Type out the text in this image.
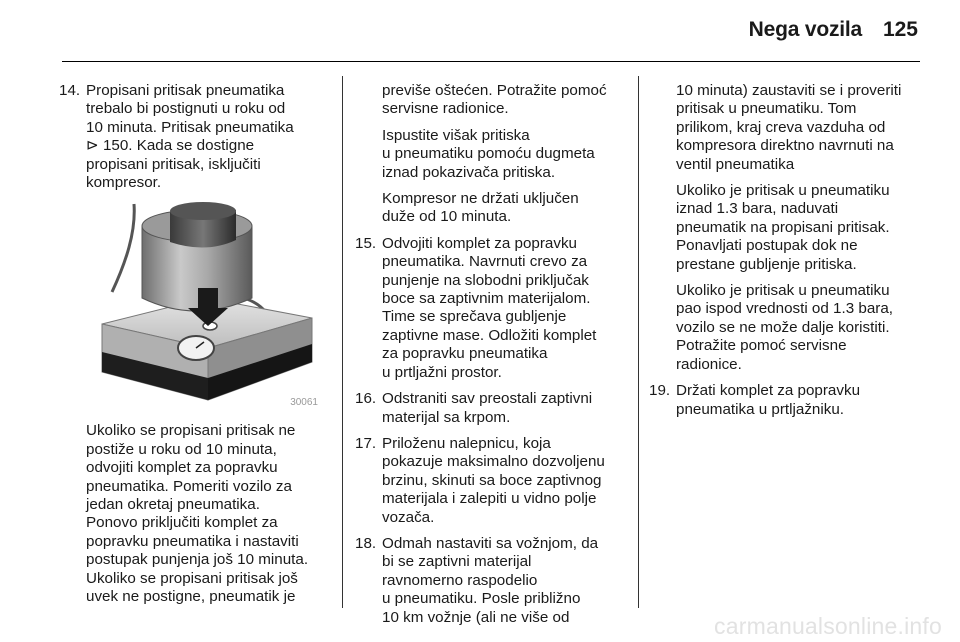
Nega vozila 125
14. Propisani pritisak pneumatika
trebalo bi postignuti u roku od
10 minuta. Pritisak pneumatika
⊳ 150. Kada se dostigne
propisani pritisak, isključiti
kompresor.
30061
Ukoliko se propisani pritisak ne
postiže u roku od 10 minuta,
odvojiti komplet za popravku
pneumatika. Pomeriti vozilo za
jedan okretaj pneumatika.
Ponovo priključiti komplet za
popravku pneumatika i nastaviti
postupak punjenja još 10 minuta.
Ukoliko se propisani pritisak još
uvek ne postigne, pneumatik je
previše oštećen. Potražite pomoć
servisne radionice.
Ispustite višak pritiska
u pneumatiku pomoću dugmeta
iznad pokazivača pritiska.
Kompresor ne držati uključen
duže od 10 minuta.
15. Odvojiti komplet za popravku
pneumatika. Navrnuti crevo za
punjenje na slobodni priključak
boce sa zaptivnim materijalom.
Time se sprečava gubljenje
zaptivne mase. Odložiti komplet
za popravku pneumatika
u prtljažni prostor.
16. Odstraniti sav preostali zaptivni
materijal sa krpom.
17. Priloženu nalepnicu, koja
pokazuje maksimalno dozvoljenu
brzinu, skinuti sa boce zaptivnog
materijala i zalepiti u vidno polje
vozača.
18. Odmah nastaviti sa vožnjom, da
bi se zaptivni materijal
ravnomerno raspodelio
u pneumatiku. Posle približno
10 km vožnje (ali ne više od
10 minuta) zaustaviti se i proveriti
pritisak u pneumatiku. Tom
prilikom, kraj creva vazduha od
kompresora direktno navrnuti na
ventil pneumatika
Ukoliko je pritisak u pneumatiku
iznad 1.3 bara, naduvati
pneumatik na propisani pritisak.
Ponavljati postupak dok ne
prestane gubljenje pritiska.
Ukoliko je pritisak u pneumatiku
pao ispod vrednosti od 1.3 bara,
vozilo se ne može dalje koristiti.
Potražite pomoć servisne
radionice.
19. Držati komplet za popravku
pneumatika u prtljažniku.
carmanualsonline.info
